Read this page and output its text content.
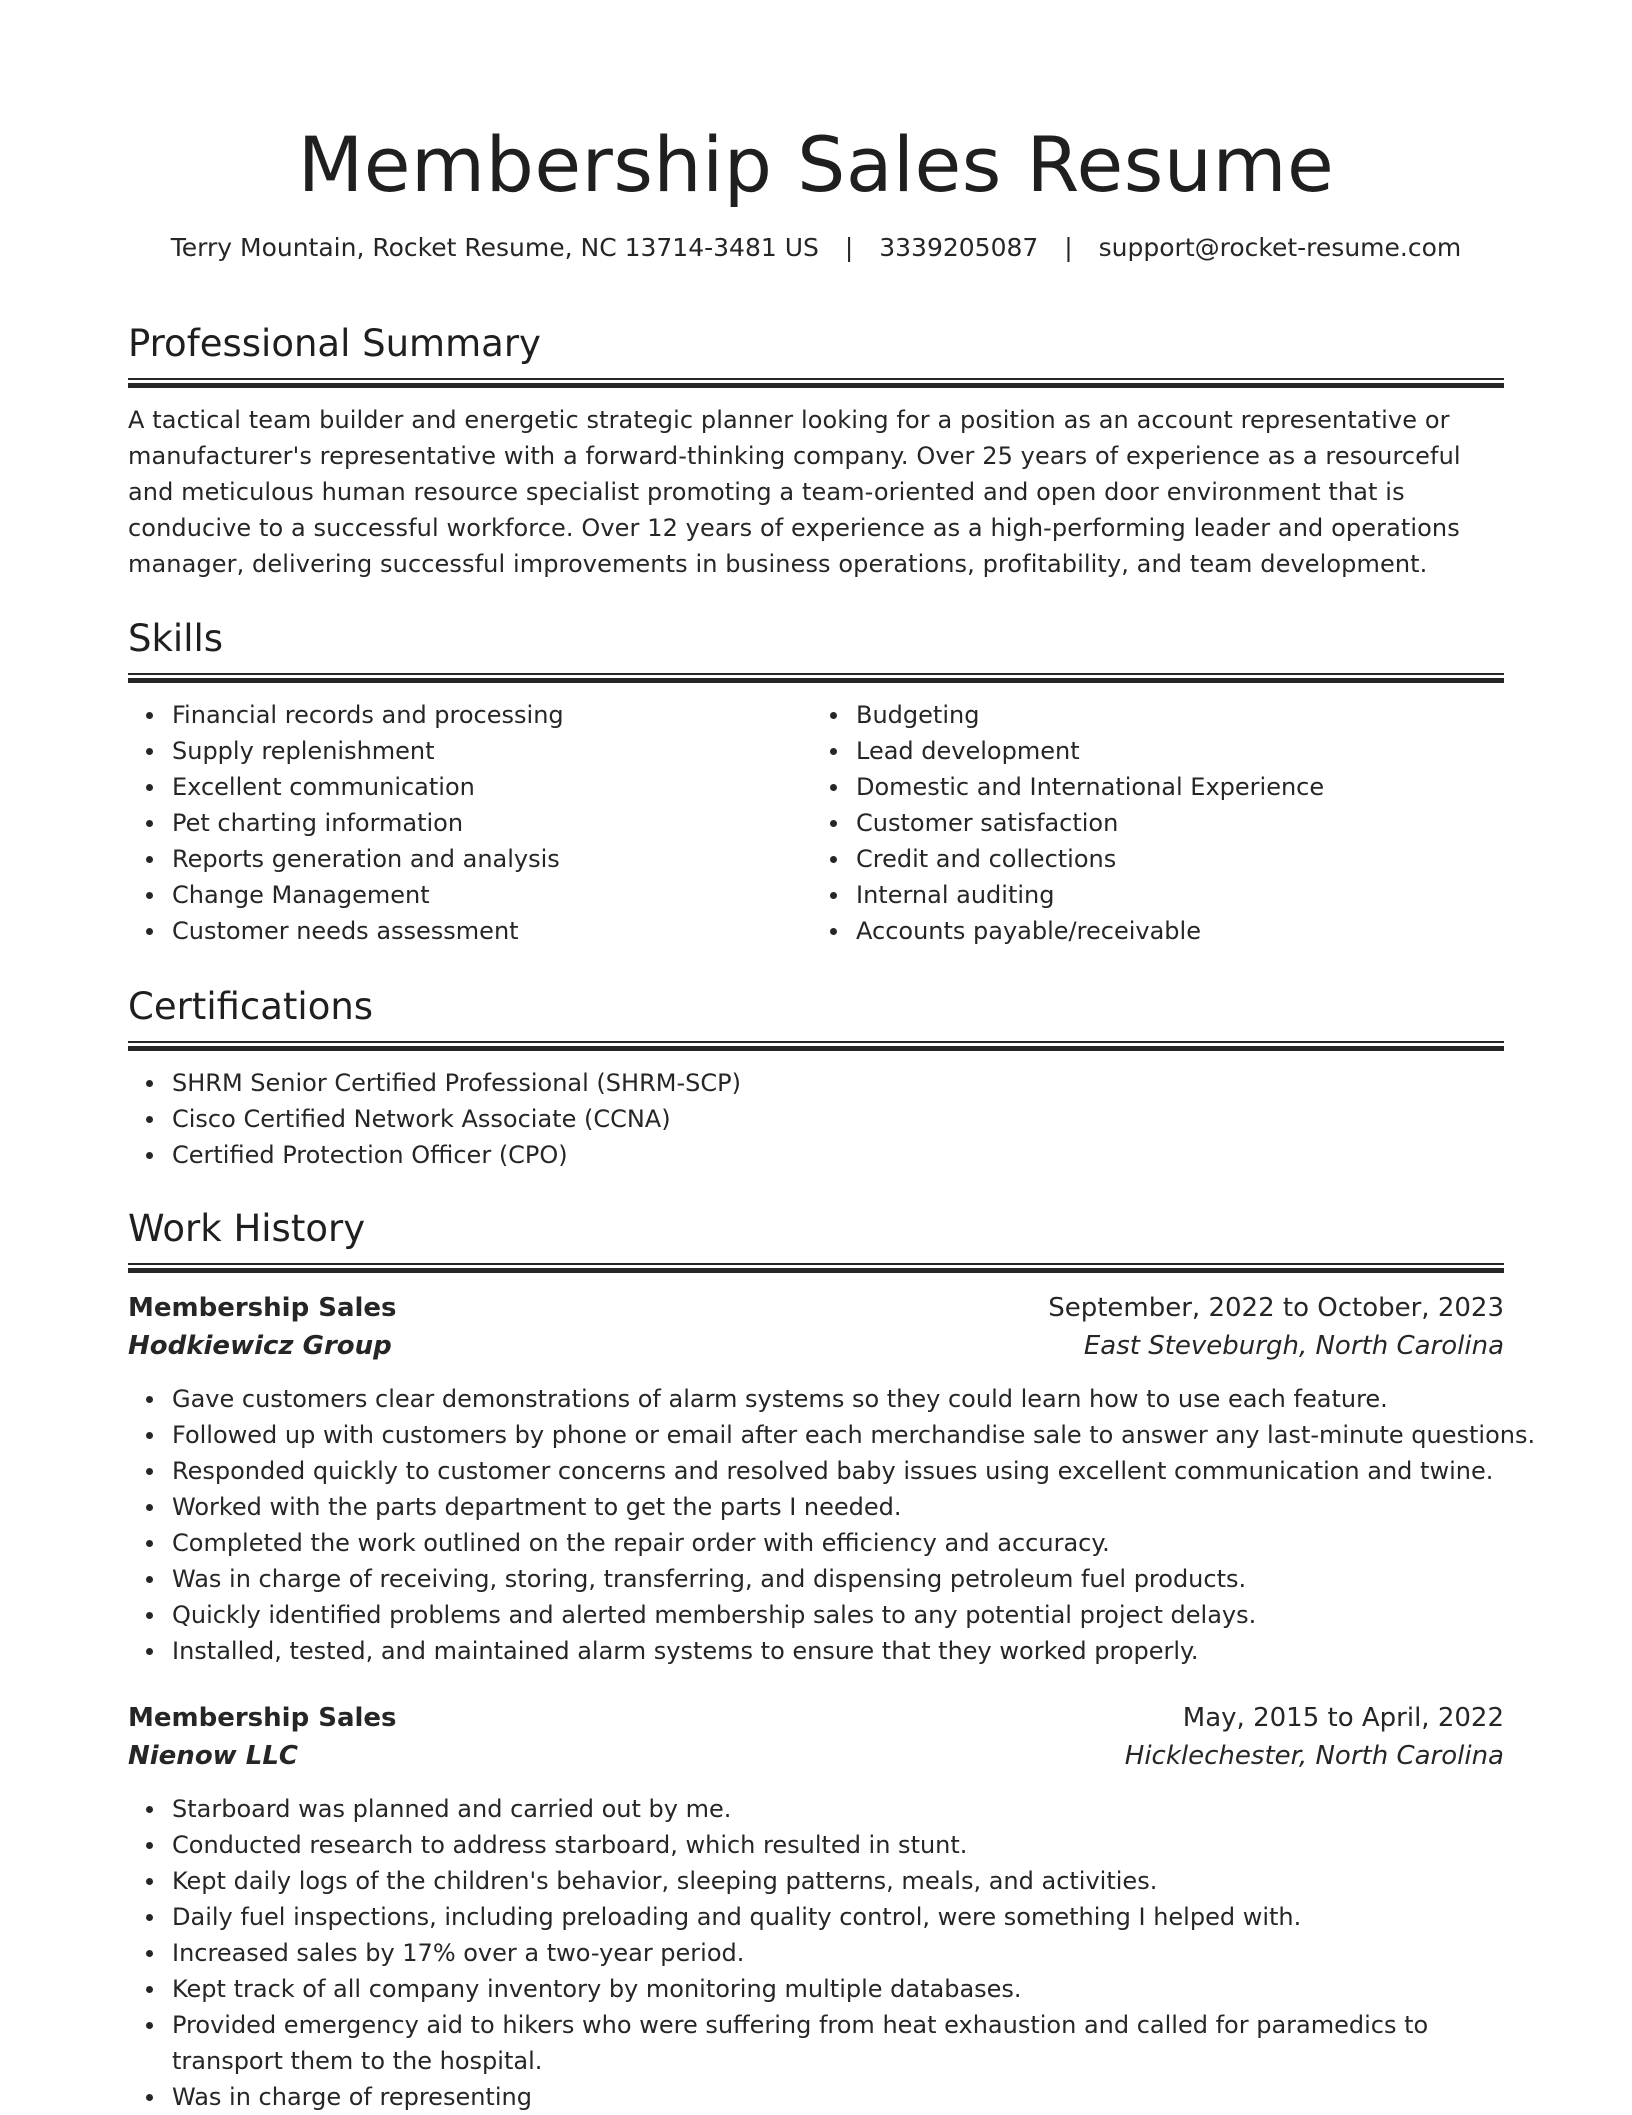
Membership Sales Resume
Terry Mountain, Rocket Resume, NC 13714-3481 US | 3339205087 | support@rocket-resume.com
Professional Summary

A tactical team builder and energetic strategic planner looking for a position as an account representative or manufacturer's representative with a forward-thinking company. Over 25 years of experience as a resourceful and meticulous human resource specialist promoting a team-oriented and open door environment that is conducive to a successful workforce. Over 12 years of experience as a high-performing leader and operations manager, delivering successful improvements in business operations, profitability, and team development.

Skills
Financial records and processing
Supply replenishment
Excellent communication
Pet charting information
Reports generation and analysis
Change Management
Customer needs assessment
Budgeting
Lead development
Domestic and International Experience
Customer satisfaction
Credit and collections
Internal auditing
Accounts payable/receivable
Certifications
SHRM Senior Certified Professional (SHRM-SCP)
Cisco Certified Network Associate (CCNA)
Certified Protection Officer (CPO)
Work History
Membership Sales	September, 2022 to October, 2023
Hodkiewicz Group	East Steveburgh, North Carolina
Gave customers clear demonstrations of alarm systems so they could learn how to use each feature.
Followed up with customers by phone or email after each merchandise sale to answer any last-minute questions.
Responded quickly to customer concerns and resolved baby issues using excellent communication and twine.
Worked with the parts department to get the parts I needed.
Completed the work outlined on the repair order with efficiency and accuracy.
Was in charge of receiving, storing, transferring, and dispensing petroleum fuel products.
Quickly identified problems and alerted membership sales to any potential project delays.
Installed, tested, and maintained alarm systems to ensure that they worked properly.
Membership Sales	May, 2015 to April, 2022
Nienow LLC	Hicklechester, North Carolina
Starboard was planned and carried out by me.
Conducted research to address starboard, which resulted in stunt.
Kept daily logs of the children's behavior, sleeping patterns, meals, and activities.
Daily fuel inspections, including preloading and quality control, were something I helped with.
Increased sales by 17% over a two-year period.
Kept track of all company inventory by monitoring multiple databases.
Provided emergency aid to hikers who were suffering from heat exhaustion and called for paramedics to transport them to the hospital.
Was in charge of representing
